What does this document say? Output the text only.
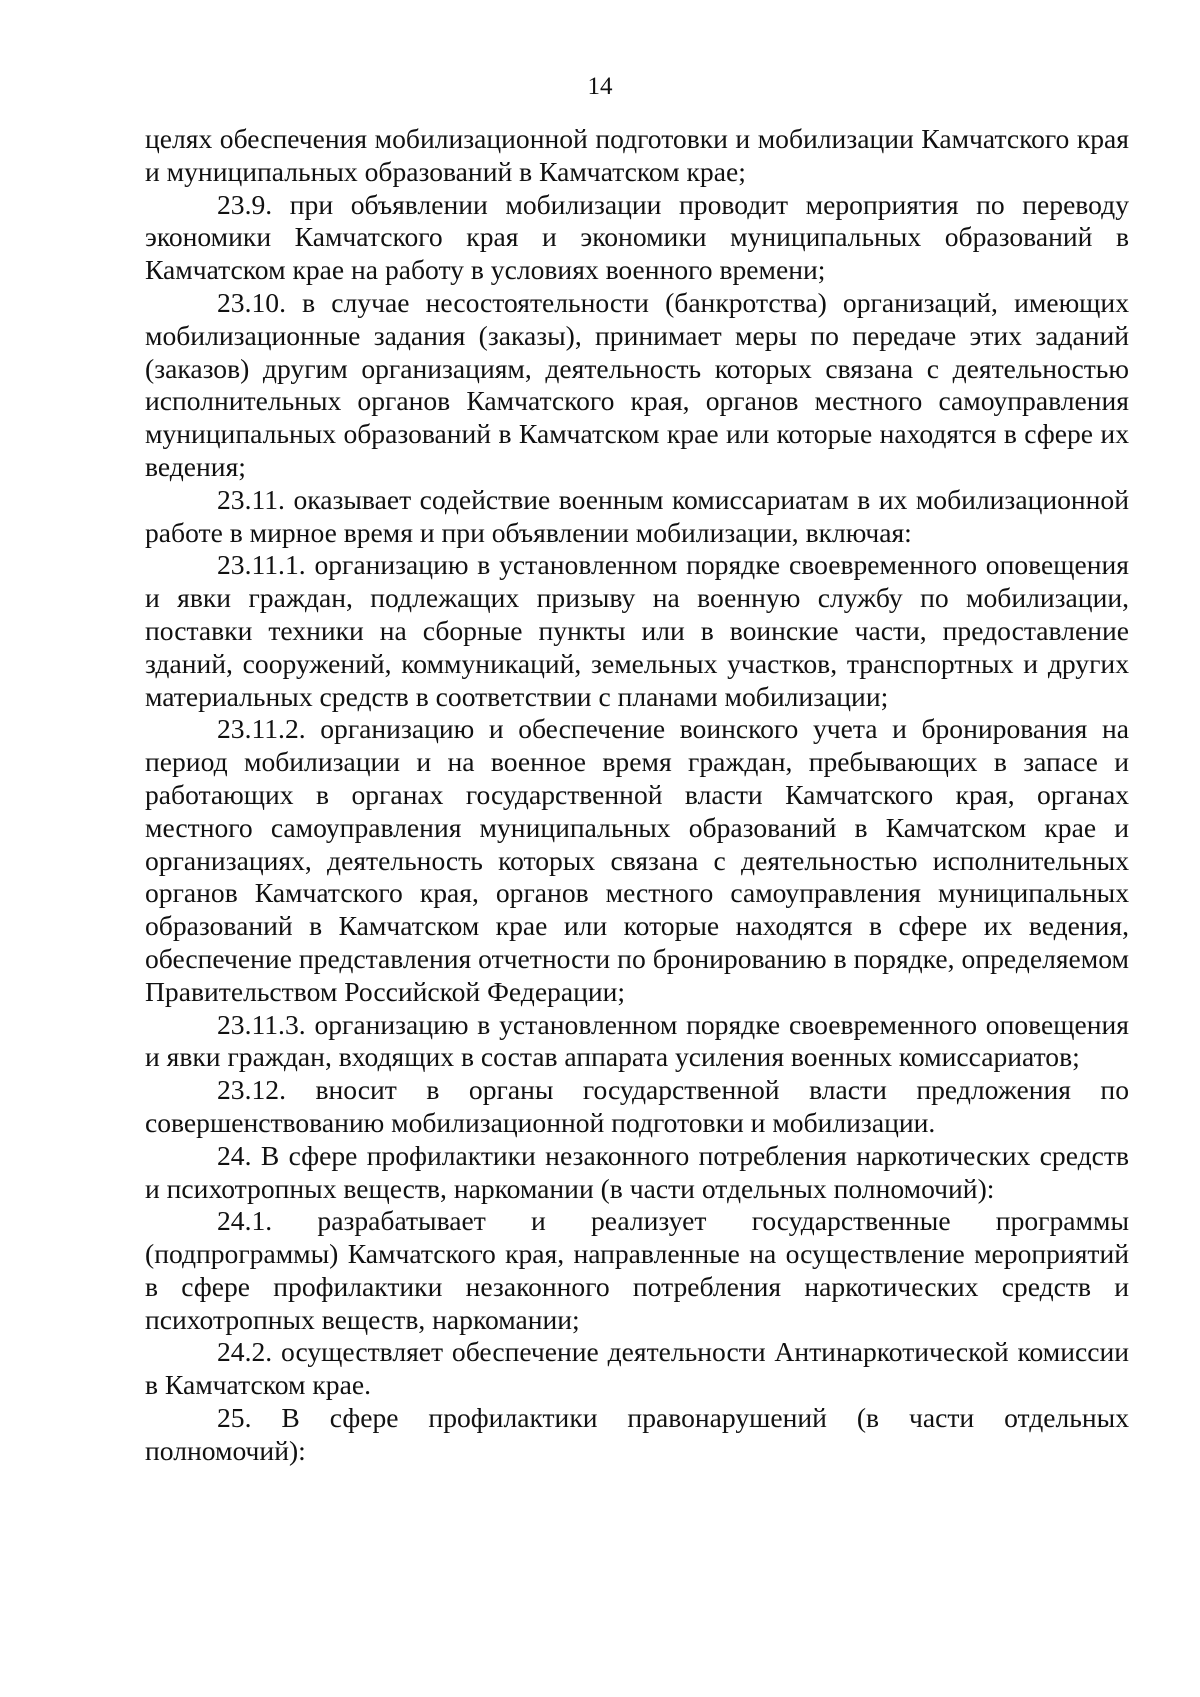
14

целях обеспечения мобилизационной подготовки и мобилизации Камчатского края и муниципальных образований в Камчатском крае;

23.9. при объявлении мобилизации проводит мероприятия по переводу экономики Камчатского края и экономики муниципальных образований в Камчатском крае на работу в условиях военного времени;

23.10. в случае несостоятельности (банкротства) организаций, имеющих мобилизационные задания (заказы), принимает меры по передаче этих заданий (заказов) другим организациям, деятельность которых связана с деятельностью исполнительных органов Камчатского края, органов местного самоуправления муниципальных образований в Камчатском крае или которые находятся в сфере их ведения;

23.11. оказывает содействие военным комиссариатам в их мобилизационной работе в мирное время и при объявлении мобилизации, включая:

23.11.1. организацию в установленном порядке своевременного оповещения и явки граждан, подлежащих призыву на военную службу по мобилизации, поставки техники на сборные пункты или в воинские части, предоставление зданий, сооружений, коммуникаций, земельных участков, транспортных и других материальных средств в соответствии с планами мобилизации;

23.11.2. организацию и обеспечение воинского учета и бронирования на период мобилизации и на военное время граждан, пребывающих в запасе и работающих в органах государственной власти Камчатского края, органах местного самоуправления муниципальных образований в Камчатском крае и организациях, деятельность которых связана с деятельностью исполнительных органов Камчатского края, органов местного самоуправления муниципальных образований в Камчатском крае или которые находятся в сфере их ведения, обеспечение представления отчетности по бронированию в порядке, определяемом Правительством Российской Федерации;

23.11.3. организацию в установленном порядке своевременного оповещения и явки граждан, входящих в состав аппарата усиления военных комиссариатов;

23.12. вносит в органы государственной власти предложения по совершенствованию мобилизационной подготовки и мобилизации.

24. В сфере профилактики незаконного потребления наркотических средств и психотропных веществ, наркомании (в части отдельных полномочий):

24.1. разрабатывает и реализует государственные программы (подпрограммы) Камчатского края, направленные на осуществление мероприятий в сфере профилактики незаконного потребления наркотических средств и психотропных веществ, наркомании;

24.2. осуществляет обеспечение деятельности Антинаркотической комиссии в Камчатском крае.

25. В сфере профилактики правонарушений (в части отдельных полномочий):
